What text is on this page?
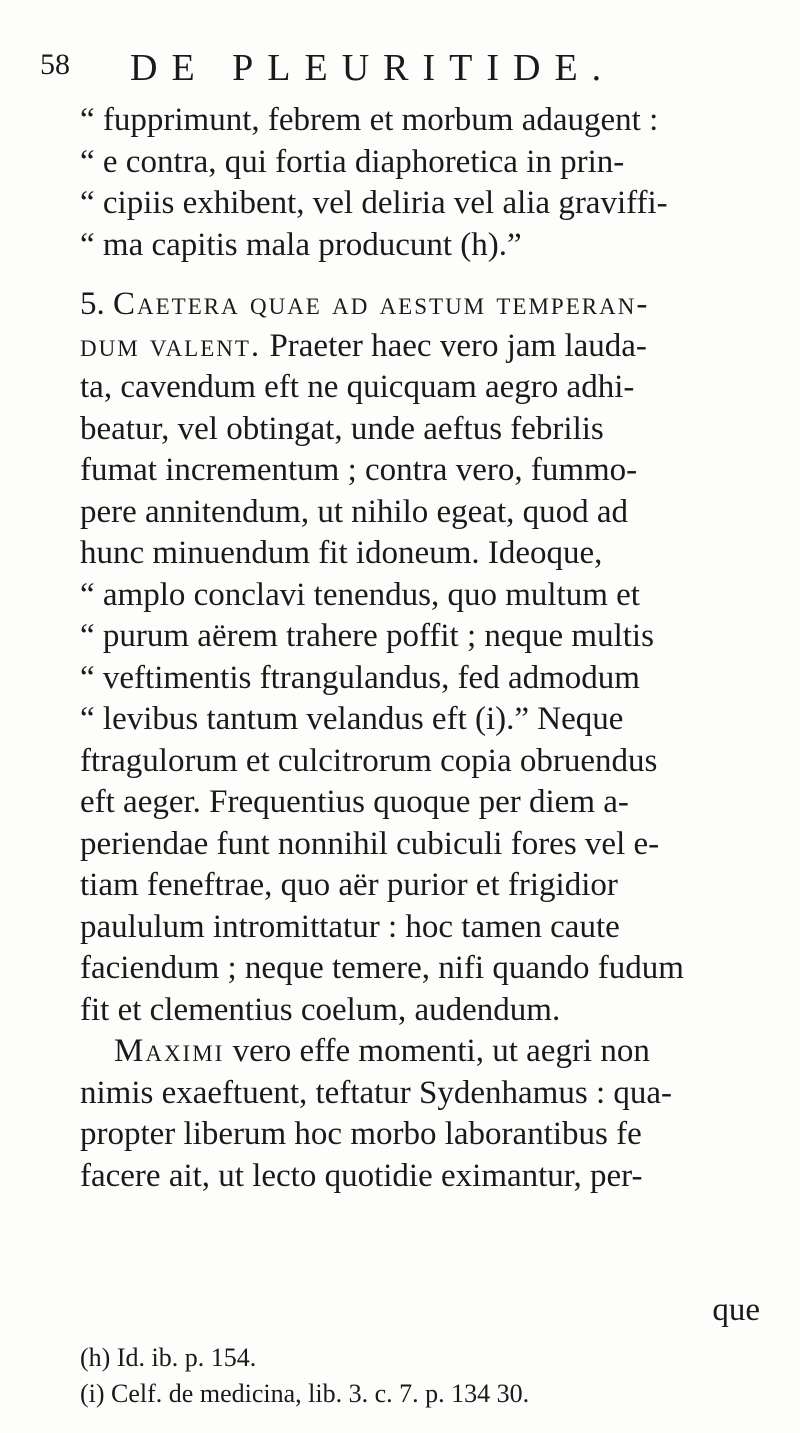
58 DE PLEURITIDE.
“ fupprimunt, febrem et morbum adaugent :
“ e contra, qui fortia diaphoretica in prin-
“ cipiis exhibent, vel deliria vel alia graviffi-
“ ma capitis mala producunt (h).”
5. Caetera quae ad aestum temperan-
dum valent. Praeter haec vero jam lauda-
ta, cavendum eft ne quicquam aegro adhi-
beatur, vel obtingat, unde aeftus febrilis
fumat incrementum ; contra vero, fummo-
pere annitendum, ut nihilo egeat, quod ad
hunc minuendum fit idoneum. Ideoque,
“ amplo conclavi tenendus, quo multum et
“ purum aërem trahere poffit ; neque multis
“ veftimentis ftrangulandus, fed admodum
“ levibus tantum velandus eft (i).” Neque
ftragulorum et culcitrorum copia obruendus
eft aeger. Frequentius quoque per diem a-
periendae funt nonnihil cubiculi fores vel e-
tiam feneftrae, quo aër purior et frigidior
paululum intromittatur : hoc tamen caute
faciendum ; neque temere, nifi quando fudum
fit et clementius coelum, audendum.
Maximi vero effe momenti, ut aegri non
nimis exaeftuent, teftatur Sydenhamus : qua-
propter liberum hoc morbo laborantibus fe
facere ait, ut lecto quotidie eximantur, per-
que
(h) Id. ib. p. 154.
(i) Celf. de medicina, lib. 3. c. 7. p. 134 30.
